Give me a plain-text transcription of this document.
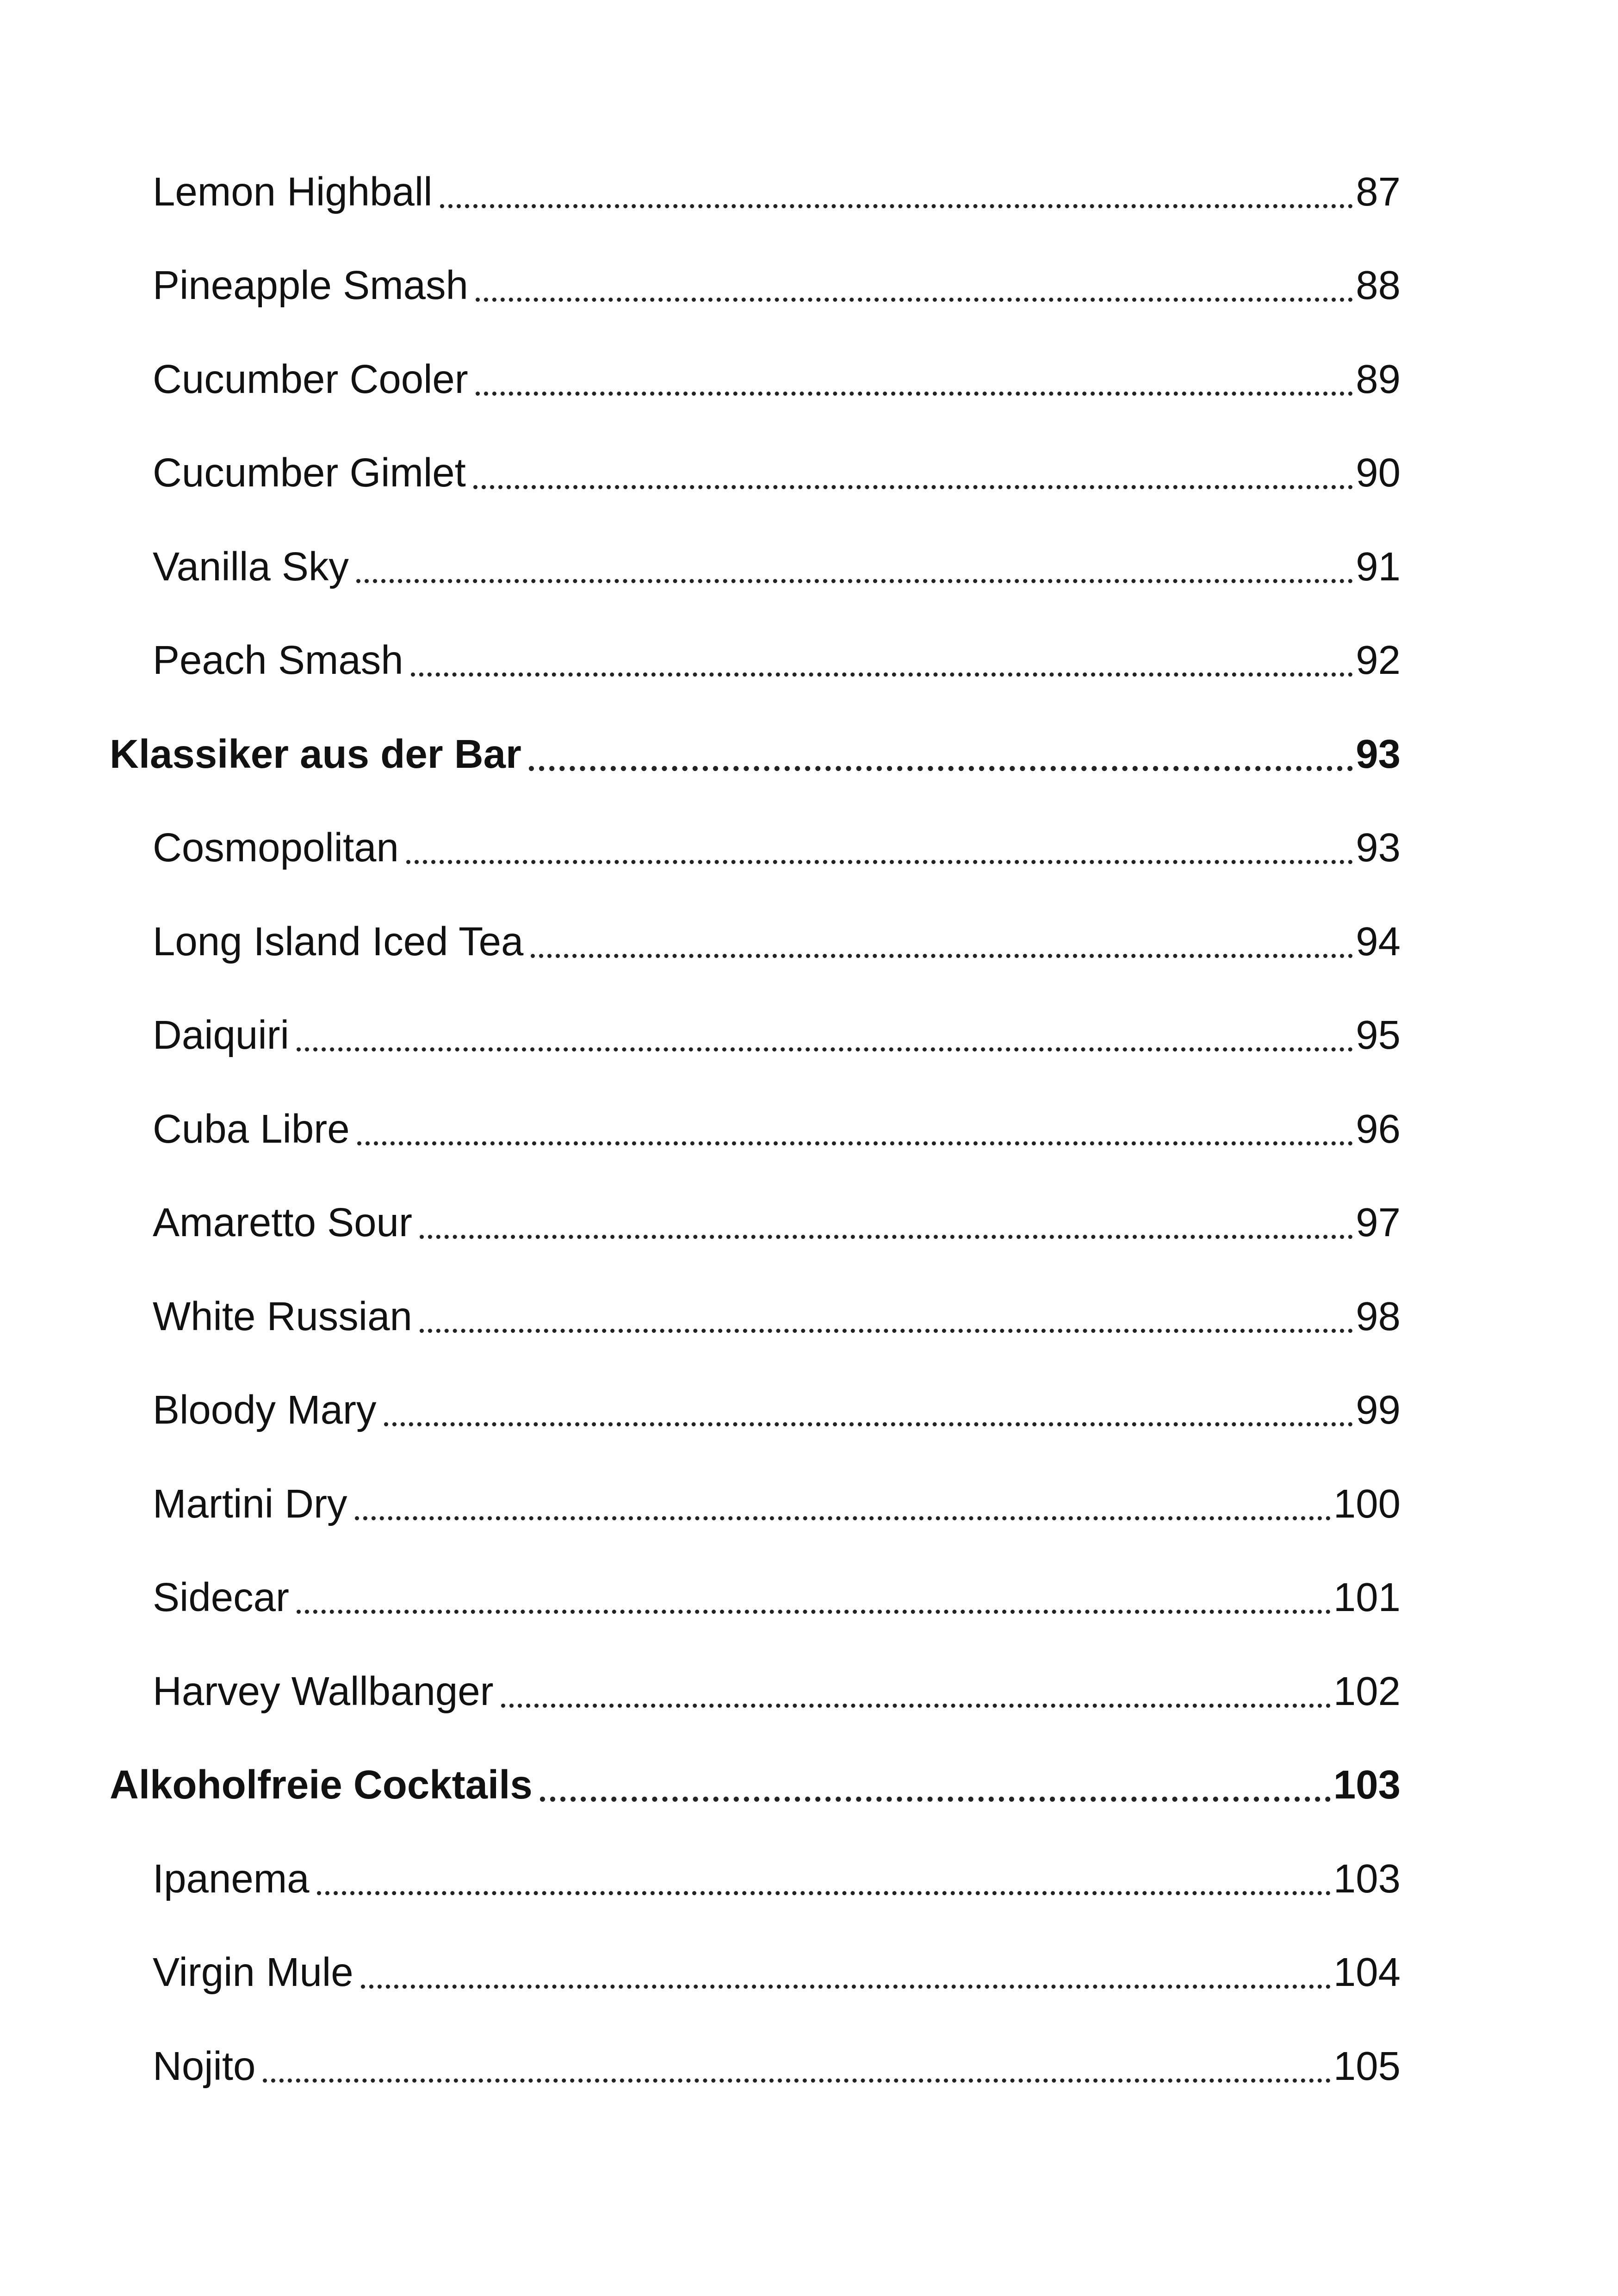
Lemon Highball	87
Pineapple Smash	88
Cucumber Cooler	89
Cucumber Gimlet	90
Vanilla Sky	91
Peach Smash	92
Klassiker aus der Bar	93
Cosmopolitan	93
Long Island Iced Tea	94
Daiquiri	95
Cuba Libre	96
Amaretto Sour	97
White Russian	98
Bloody Mary	99
Martini Dry	100
Sidecar	101
Harvey Wallbanger	102
Alkoholfreie Cocktails	103
Ipanema	103
Virgin Mule	104
Nojito	105
